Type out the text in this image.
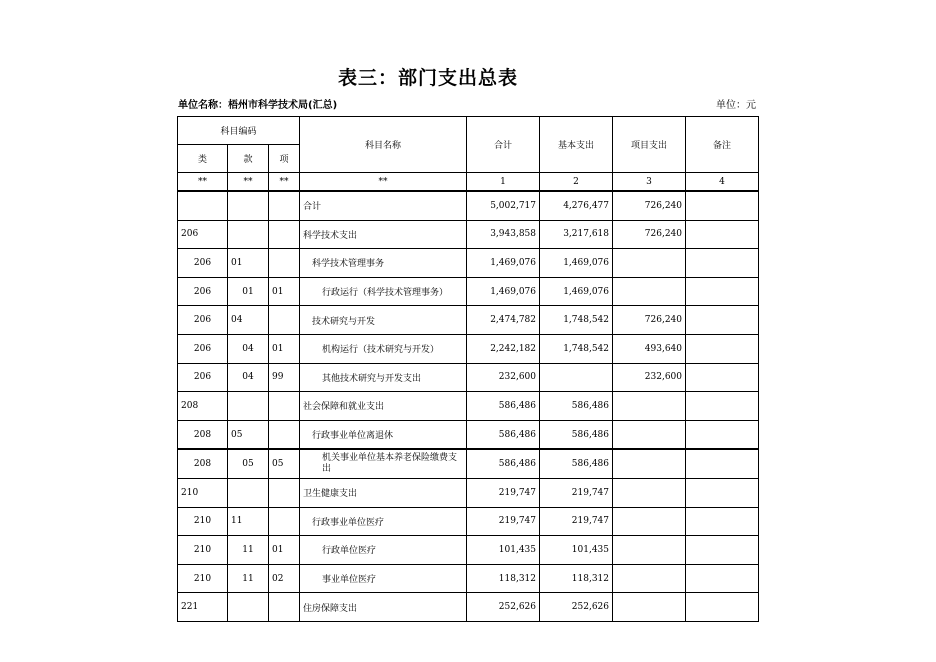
表三：部门支出总表
单位名称：梧州市科学技术局(汇总)	单位：元
科目编码			科目名称	合计	基本支出	项目支出	备注
类	款	项					
**	**	**	**	1	2	3	4
			合计	5,002,717	4,276,477	726,240	
206			科学技术支出	3,943,858	3,217,618	726,240	
206	01		科学技术管理事务	1,469,076	1,469,076		
206	01	01	行政运行（科学技术管理事务）	1,469,076	1,469,076		
206	04		技术研究与开发	2,474,782	1,748,542	726,240	
206	04	01	机构运行（技术研究与开发）	2,242,182	1,748,542	493,640	
206	04	99	其他技术研究与开发支出	232,600		232,600	
208			社会保障和就业支出	586,486	586,486		
208	05		行政事业单位离退休	586,486	586,486		
208	05	05	机关事业单位基本养老保险缴费支出	586,486	586,486		
210			卫生健康支出	219,747	219,747		
210	11		行政事业单位医疗	219,747	219,747		
210	11	01	行政单位医疗	101,435	101,435		
210	11	02	事业单位医疗	118,312	118,312		
221			住房保障支出	252,626	252,626		
